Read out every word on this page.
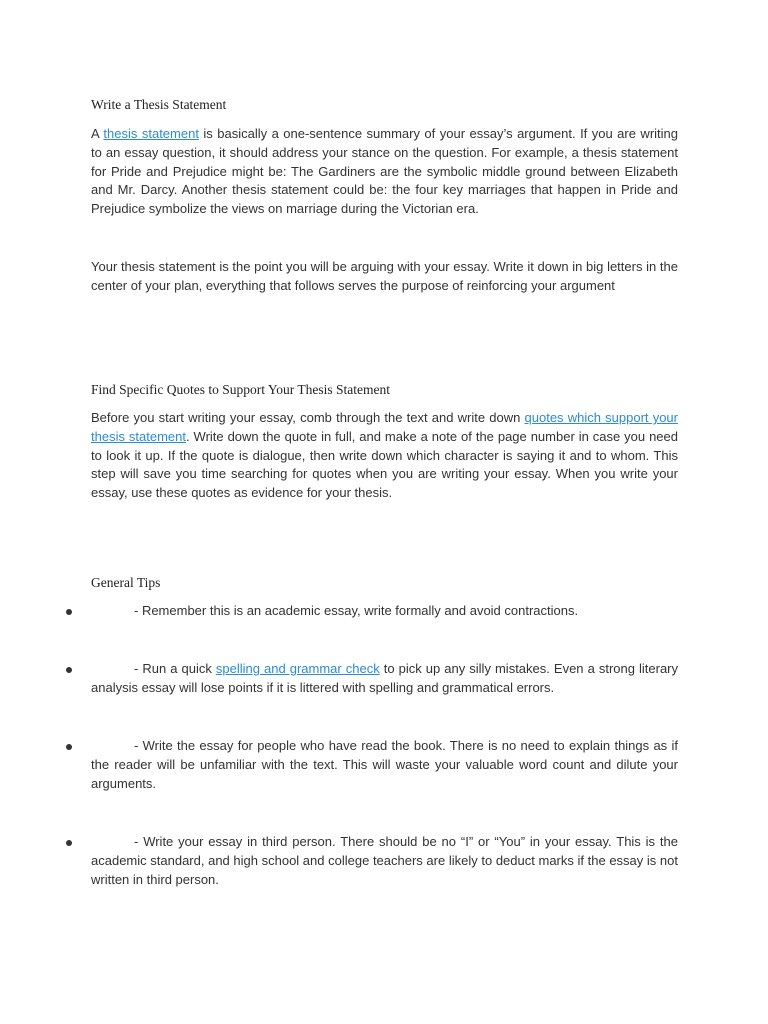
Write a Thesis Statement

A thesis statement is basically a one-sentence summary of your essay’s argument. If you are writing to an essay question, it should address your stance on the question. For example, a thesis statement for Pride and Prejudice might be: The Gardiners are the symbolic middle ground between Elizabeth and Mr. Darcy. Another thesis statement could be: the four key marriages that happen in Pride and Prejudice symbolize the views on marriage during the Victorian era.

Your thesis statement is the point you will be arguing with your essay. Write it down in big letters in the center of your plan, everything that follows serves the purpose of reinforcing your argument

Find Specific Quotes to Support Your Thesis Statement

Before you start writing your essay, comb through the text and write down quotes which support your thesis statement. Write down the quote in full, and make a note of the page number in case you need to look it up. If the quote is dialogue, then write down which character is saying it and to whom. This step will save you time searching for quotes when you are writing your essay. When you write your essay, use these quotes as evidence for your thesis.

General Tips

- Remember this is an academic essay, write formally and avoid contractions.

- Run a quick spelling and grammar check to pick up any silly mistakes. Even a strong literary analysis essay will lose points if it is littered with spelling and grammatical errors.

- Write the essay for people who have read the book. There is no need to explain things as if the reader will be unfamiliar with the text. This will waste your valuable word count and dilute your arguments.

- Write your essay in third person. There should be no “I” or “You” in your essay. This is the academic standard, and high school and college teachers are likely to deduct marks if the essay is not written in third person.
